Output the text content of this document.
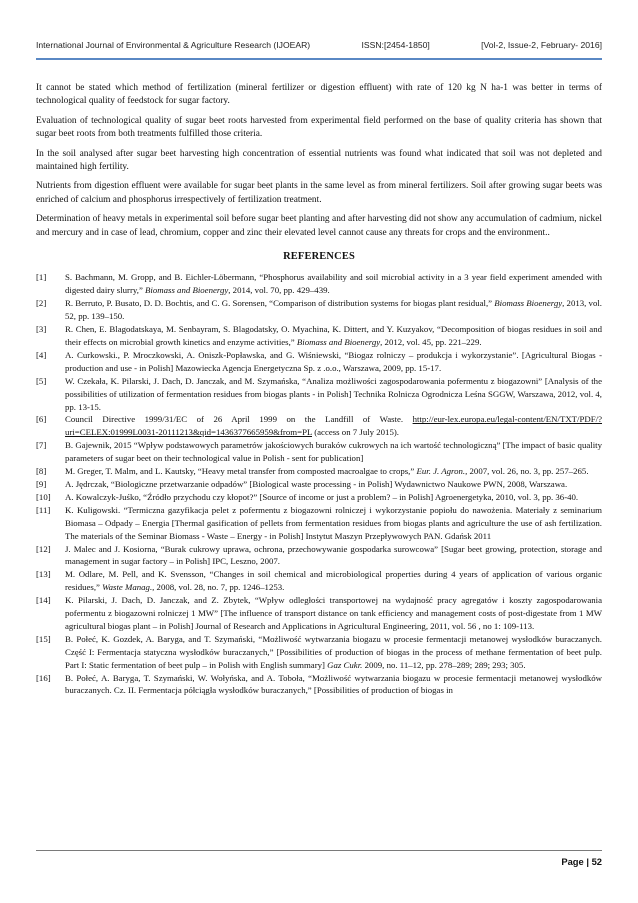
International Journal of Environmental & Agriculture Research (IJOEAR)	ISSN:[2454-1850]	[Vol-2, Issue-2, February- 2016]

It cannot be stated which method of fertilization (mineral fertilizer or digestion effluent) with rate of 120 kg N ha-1 was better in terms of technological quality of feedstock for sugar factory.

Evaluation of technological quality of sugar beet roots harvested from experimental field performed on the base of quality criteria has shown that sugar beet roots from both treatments fulfilled those criteria.

In the soil analysed after sugar beet harvesting high concentration of essential nutrients was found what indicated that soil was not depleted and maintained high fertility.

Nutrients from digestion effluent were available for sugar beet plants in the same level as from mineral fertilizers. Soil after growing sugar beets was enriched of calcium and phosphorus irrespectively of fertilization treatment.

Determination of heavy metals in experimental soil before sugar beet planting and after harvesting did not show any accumulation of cadmium, nickel and mercury and in case of lead, chromium, copper and zinc their elevated level cannot cause any threats for crops and the environment..

REFERENCES
[1]	S. Bachmann, M. Gropp, and B. Eichler-Löbermann, “Phosphorus availability and soil microbial activity in a 3 year field experiment amended with digested dairy slurry,” Biomass and Bioenergy, 2014, vol. 70, pp. 429–439.
[2]	R. Berruto, P. Busato, D. D. Bochtis, and C. G. Sorensen, “Comparison of distribution systems for biogas plant residual,” Biomass Bioenergy, 2013, vol. 52, pp. 139–150.
[3]	R. Chen, E. Blagodatskaya, M. Senbayram, S. Blagodatsky, O. Myachina, K. Dittert, and Y. Kuzyakov, “Decomposition of biogas residues in soil and their effects on microbial growth kinetics and enzyme activities,” Biomass and Bioenergy, 2012, vol. 45, pp. 221–229.
[4]	A. Curkowski., P. Mroczkowski, A. Oniszk-Popławska, and G. Wiśniewski, “Biogaz rolniczy – produkcja i wykorzystanie”. [Agricultural Biogas - production and use - in Polish] Mazowiecka Agencja Energetyczna Sp. z .o.o., Warszawa, 2009, pp. 15-17.
[5]	W. Czekała, K. Pilarski, J. Dach, D. Janczak, and M. Szymańska, “Analiza możliwości zagospodarowania pofermentu z biogazowni” [Analysis of the possibilities of utilization of fermentation residues from biogas plants - in Polish] Technika Rolnicza Ogrodnicza Leśna SGGW, Warszawa, 2012, vol. 4, pp. 13-15.
[6]	Council Directive 1999/31/EC of 26 April 1999 on the Landfill of Waste. http://eur-lex.europa.eu/legal-content/EN/TXT/PDF/?uri=CELEX:01999L0031-20111213&qid=1436377665959&from=PL (access on 7 July 2015).
[7]	B. Gajewnik, 2015 “Wpływ podstawowych parametrów jakościowych buraków cukrowych na ich wartość technologiczną” [The impact of basic quality parameters of sugar beet on their technological value in Polish - sent for publication]
[8]	M. Greger, T. Malm, and L. Kautsky, “Heavy metal transfer from composted macroalgae to crops,” Eur. J. Agron., 2007, vol. 26, no. 3, pp. 257–265.
[9]	A. Jędrczak, “Biologiczne przetwarzanie odpadów” [Biological waste processing - in Polish] Wydawnictwo Naukowe PWN, 2008, Warszawa.
[10]	A. Kowalczyk-Juśko, “Źródło przychodu czy kłopot?” [Source of income or just a problem? – in Polish] Agroenergetyka, 2010, vol. 3, pp. 36-40.
[11]	K. Kuligowski. “Termiczna gazyfikacja pelet z pofermentu z biogazowni rolniczej i wykorzystanie popiołu do nawożenia. Materiały z seminarium Biomasa – Odpady – Energia [Thermal gasification of pellets from fermentation residues from biogas plants and agriculture the use of ash fertilization. The materials of the Seminar Biomass - Waste – Energy - in Polish] Instytut Maszyn Przepływowych PAN. Gdańsk 2011
[12]	J. Malec and J. Kosiorna, “Burak cukrowy uprawa, ochrona, przechowywanie gospodarka surowcowa” [Sugar beet growing, protection, storage and management in sugar factory – in Polish] IPC, Leszno, 2007.
[13]	M. Odlare, M. Pell, and K. Svensson, “Changes in soil chemical and microbiological properties during 4 years of application of various organic residues,” Waste Manag., 2008, vol. 28, no. 7, pp. 1246–1253.
[14]	K. Pilarski, J. Dach, D. Janczak, and Z. Zbytek, “Wpływ odległości transportowej na wydajność pracy agregatów i koszty zagospodarowania pofermentu z biogazowni rolniczej 1 MW” [The influence of transport distance on tank efficiency and management costs of post-digestate from 1 MW agricultural biogas plant – in Polish] Journal of Research and Applications in Agricultural Engineering, 2011, vol. 56 , no 1: 109-113.
[15]	B. Połeć, K. Gozdek, A. Baryga, and T. Szymański, “Możliwość wytwarzania biogazu w procesie fermentacji metanowej wysłodków buraczanych. Część I: Fermentacja statyczna wysłodków buraczanych,” [Possibilities of production of biogas in the process of methane fermentation of beet pulp. Part I: Static fermentation of beet pulp – in Polish with English summary] Gaz Cukr. 2009, no. 11–12, pp. 278–289; 289; 293; 305.
[16]	B. Połeć, A. Baryga, T. Szymański, W. Wołyńska, and A. Toboła, “Możliwość wytwarzania biogazu w procesie fermentacji metanowej wysłodków buraczanych. Cz. II. Fermentacja półciągła wysłodków buraczanych,” [Possibilities of production of biogas in
Page | 52
